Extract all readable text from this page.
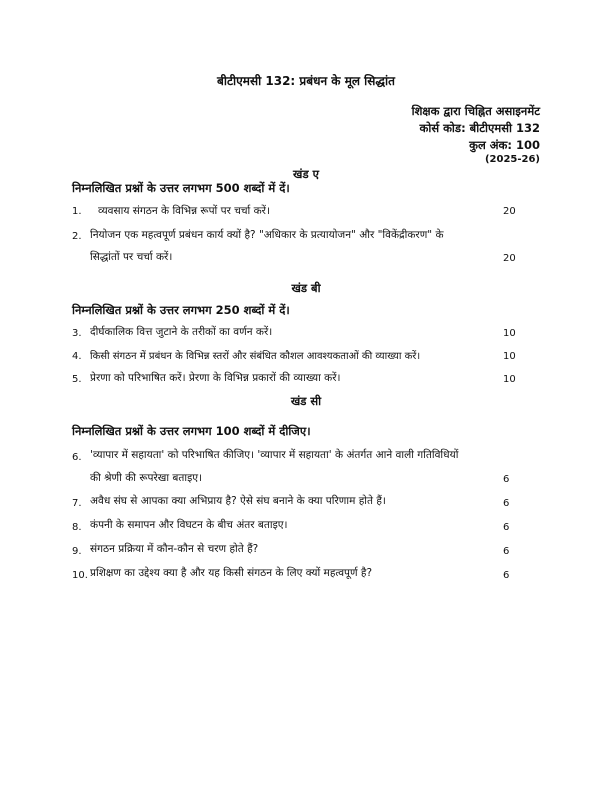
बीटीएमसी 132: प्रबंधन के मूल सिद्धांत
शिक्षक द्वारा चिह्नित असाइनमेंट
कोर्स कोड: बीटीएमसी 132
कुल अंक: 100
(2025-26)
खंड ए
निम्नलिखित प्रश्नों के उत्तर लगभग 500 शब्दों में दें।
1. व्यवसाय संगठन के विभिन्न रूपों पर चर्चा करें।	20
2. नियोजन एक महत्वपूर्ण प्रबंधन कार्य क्यों है? "अधिकार के प्रत्यायोजन" और "विकेंद्रीकरण" के
सिद्धांतों पर चर्चा करें।	20
खंड बी
निम्नलिखित प्रश्नों के उत्तर लगभग 250 शब्दों में दें।
3. दीर्घकालिक वित्त जुटाने के तरीकों का वर्णन करें।	10
4. किसी संगठन में प्रबंधन के विभिन्न स्तरों और संबंधित कौशल आवश्यकताओं की व्याख्या करें।	10
5. प्रेरणा को परिभाषित करें। प्रेरणा के विभिन्न प्रकारों की व्याख्या करें।	10
खंड सी
निम्नलिखित प्रश्नों के उत्तर लगभग 100 शब्दों में दीजिए।
6. 'व्यापार में सहायता' को परिभाषित कीजिए। 'व्यापार में सहायता' के अंतर्गत आने वाली गतिविधियों
की श्रेणी की रूपरेखा बताइए।	6
7. अवैध संघ से आपका क्या अभिप्राय है? ऐसे संघ बनाने के क्या परिणाम होते हैं।	6
8. कंपनी के समापन और विघटन के बीच अंतर बताइए।	6
9. संगठन प्रक्रिया में कौन-कौन से चरण होते हैं?	6
10. प्रशिक्षण का उद्देश्य क्या है और यह किसी संगठन के लिए क्यों महत्वपूर्ण है?	6
